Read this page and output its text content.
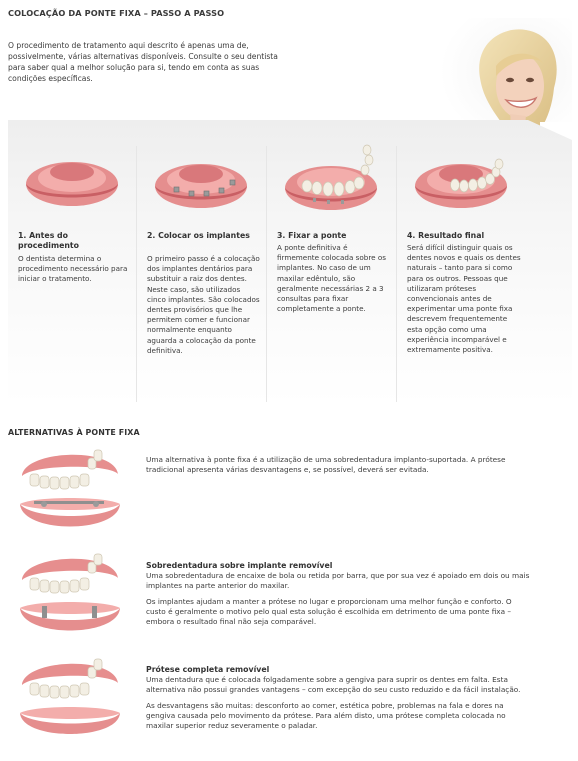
COLOCAÇÃO DA PONTE FIXA – PASSO A PASSO
O procedimento de tratamento aqui descrito é apenas uma de, possivelmente, várias alternativas disponíveis. Consulte o seu dentista para saber qual a melhor solução para si, tendo em conta as suas condições específicas.
1. Antes do procedimento
O dentista determina o procedimento necessário para iniciar o tratamento.
2. Colocar os implantes
O primeiro passo é a colocação dos implantes dentários para substituir a raiz dos dentes. Neste caso, são utilizados cinco implantes. São colocados dentes provisórios que lhe permitem comer e funcionar normalmente enquanto aguarda a colocação da ponte definitiva.
3. Fixar a ponte
A ponte definitiva é firmemente colocada sobre os implantes. No caso de um maxilar edêntulo, são geralmente necessárias 2 a 3 consultas para fixar completamente a ponte.
4. Resultado final
Será difícil distinguir quais os dentes novos e quais os dentes naturais – tanto para si como para os outros. Pessoas que utilizaram próteses convencionais antes de experimentar uma ponte fixa descrevem frequentemente esta opção como uma experiência incomparável e extremamente positiva.
ALTERNATIVAS À PONTE FIXA

Uma alternativa à ponte fixa é a utilização de uma sobredentadura implanto-suportada. A prótese tradicional apresenta várias desvantagens e, se possível, deverá ser evitada.

Sobredentadura sobre implante removível

Uma sobredentadura de encaixe de bola ou retida por barra, que por sua vez é apoiado em dois ou mais implantes na parte anterior do maxilar.

Os implantes ajudam a manter a prótese no lugar e proporcionam uma melhor função e conforto. O custo é geralmente o motivo pelo qual esta solução é escolhida em detrimento de uma ponte fixa – embora o resultado final não seja comparável.

Prótese completa removível

Uma dentadura que é colocada folgadamente sobre a gengiva para suprir os dentes em falta. Esta alternativa não possui grandes vantagens – com excepção do seu custo reduzido e da fácil instalação.

As desvantagens são muitas: desconforto ao comer, estética pobre, problemas na fala e dores na gengiva causada pelo movimento da prótese. Para além disto, uma prótese completa colocada no maxilar superior reduz severamente o paladar.
